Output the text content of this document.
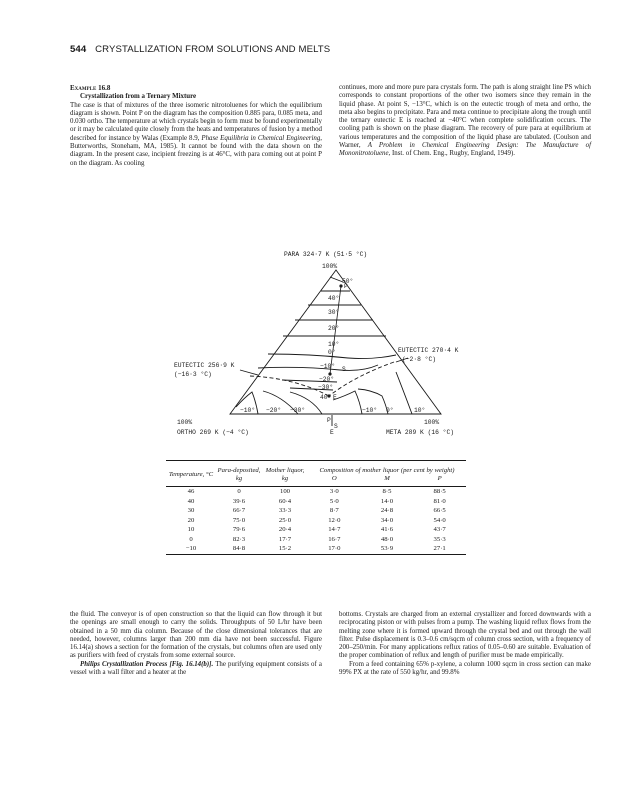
544 CRYSTALLIZATION FROM SOLUTIONS AND MELTS
Example 16.8
Crystallization from a Ternary Mixture

The case is that of mixtures of the three isomeric nitrotoluenes for which the equilibrium diagram is shown. Point P on the diagram has the composition 0.885 para, 0.085 meta, and 0.030 ortho. The temperature at which crystals begin to form must be found experimentally or it may be calculated quite closely from the heats and temperatures of fusion by a method described for instance by Walas (Example 8.9, Phase Equilibria in Chemical Engineering, Butterworths, Stoneham, MA, 1985). It cannot be found with the data shown on the diagram. In the present case, incipient freezing is at 46°C, with para coming out at point P on the diagram. As cooling

continues, more and more pure para crystals form. The path is along straight line PS which corresponds to constant proportions of the other two isomers since they remain in the liquid phase. At point S, −13°C, which is on the eutectic trough of meta and ortho, the meta also begins to precipitate. Para and meta continue to precipitate along the trough until the ternary eutectic E is reached at −40°C when complete solidification occurs. The cooling path is shown on the phase diagram. The recovery of pure para at equilibrium at various temperatures and the composition of the liquid phase are tabulated. (Coulson and Warner, A Problem in Chemical Engineering Design: The Manufacture of Mononitrotoluene, Inst. of Chem. Eng., Rugby, England, 1949).

PARA 324·7 K (51·5 °C)
100%
50°
40°
30°
20°
10°
0°
−10°
−20°
−30°
40°
P
S
E
EUTECTIC 256·9 K
(−16·3 °C)
EUTECTIC 270·4 K
(−2·8 °C)
−10° −20° −30°	−10° 0°	10°
100%
ORTHO 269 K (−4 °C)
100%
META 289 K (16 °C)
P
S
E

Temperature, °C	Para-deposited, kg	Mother liquor, kg	Composition of mother liquor (per cent by weight)		
			O	M	P

46	0	100	3·0	8·5	88·5
40	39·6	60·4	5·0	14·0	81·0
30	66·7	33·3	8·7	24·8	66·5
20	75·0	25·0	12·0	34·0	54·0
10	79·6	20·4	14·7	41·6	43·7
0	82·3	17·7	16·7	48·0	35·3
−10	84·8	15·2	17·0	53·9	27·1

the fluid. The conveyor is of open construction so that the liquid can flow through it but the openings are small enough to carry the solids. Throughputs of 50 L/hr have been obtained in a 50 mm dia column. Because of the close dimensional tolerances that are needed, however, columns larger than 200 mm dia have not been successful. Figure 16.14(a) shows a section for the formation of the crystals, but columns often are used only as purifiers with feed of crystals from some external source.

Philips Crystallization Process [Fig. 16.14(b)]. The purifying equipment consists of a vessel with a wall filter and a heater at the

bottoms. Crystals are charged from an external crystallizer and forced downwards with a reciprocating piston or with pulses from a pump. The washing liquid reflux flows from the melting zone where it is formed upward through the crystal bed and out through the wall filter. Pulse displacement is 0.3–0.6 cm/sqcm of column cross section, with a frequency of 200–250/min. For many applications reflux ratios of 0.05–0.60 are suitable. Evaluation of the proper combination of reflux and length of purifier must be made empirically.

From a feed containing 65% p-xylene, a column 1000 sqcm in cross section can make 99% PX at the rate of 550 kg/hr, and 99.8%
